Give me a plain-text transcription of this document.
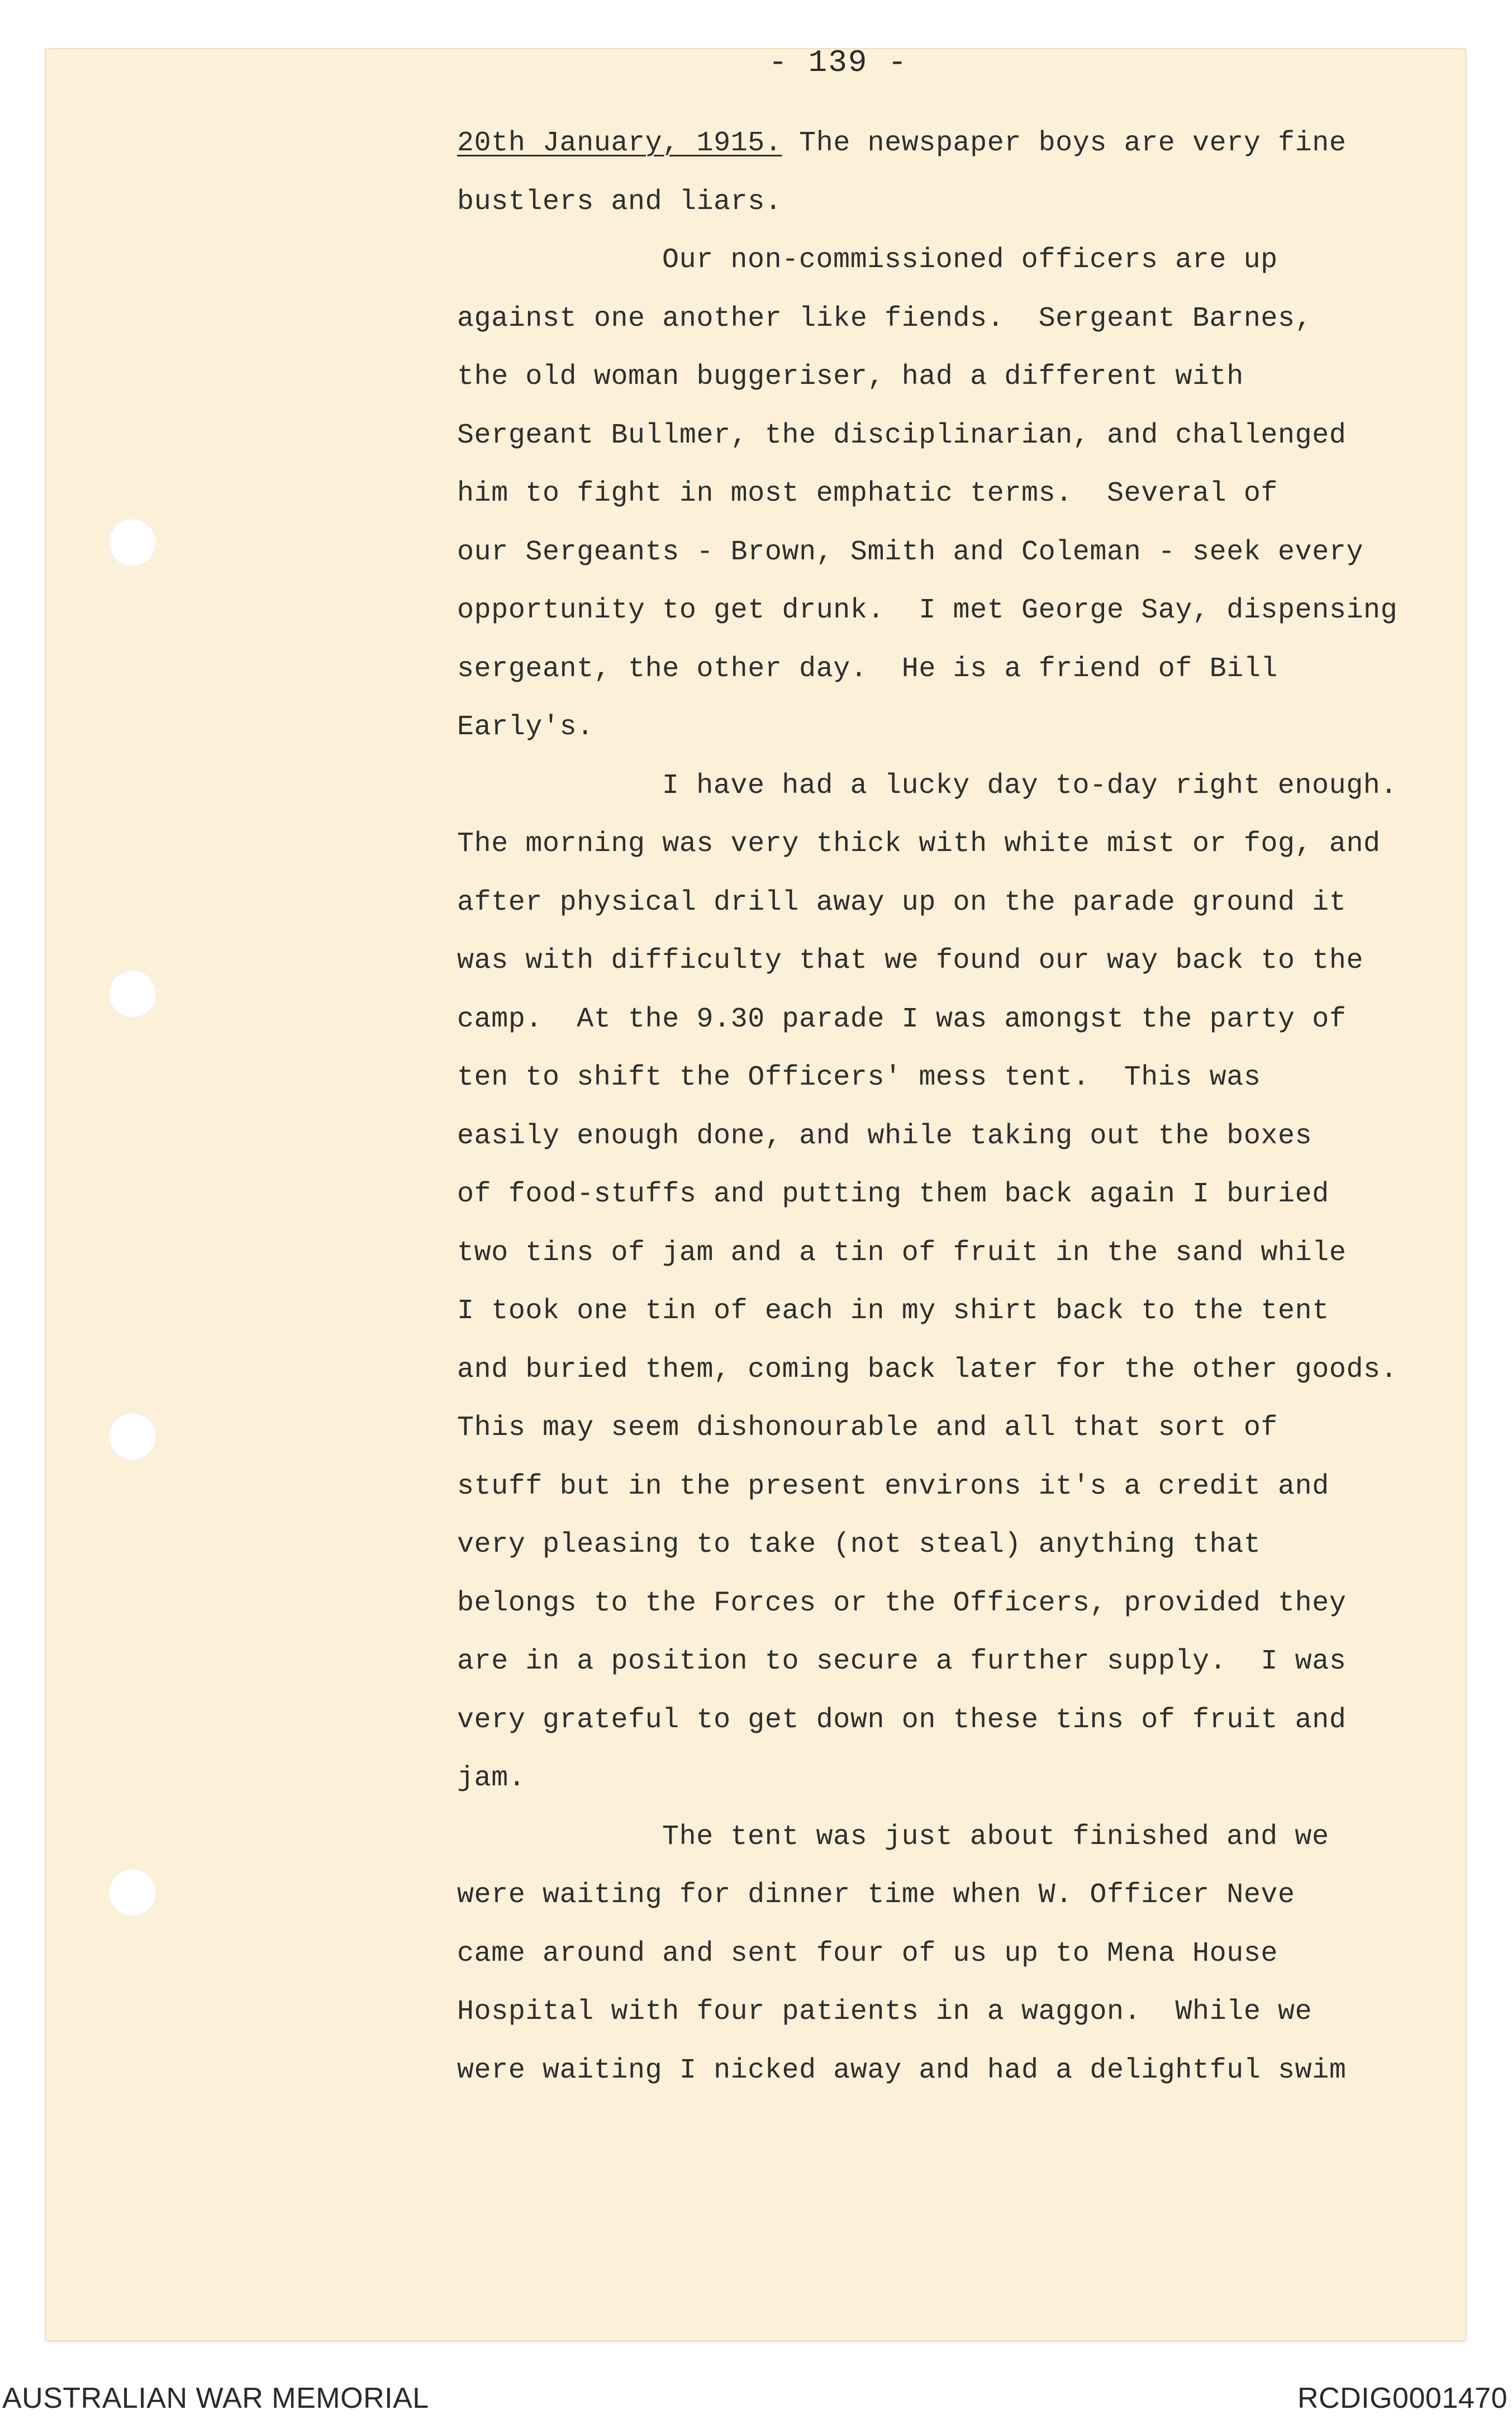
- 139 -
20th January, 1915. The newspaper boys are very fine
bustlers and liars.
Our non-commissioned officers are up
against one another like fiends.  Sergeant Barnes,
the old woman buggeriser, had a different with
Sergeant Bullmer, the disciplinarian, and challenged
him to fight in most emphatic terms.  Several of
our Sergeants - Brown, Smith and Coleman - seek every
opportunity to get drunk.  I met George Say, dispensing
sergeant, the other day.  He is a friend of Bill
Early's.
I have had a lucky day to-day right enough.
The morning was very thick with white mist or fog, and
after physical drill away up on the parade ground it
was with difficulty that we found our way back to the
camp.  At the 9.30 parade I was amongst the party of
ten to shift the Officers' mess tent.  This was
easily enough done, and while taking out the boxes
of food-stuffs and putting them back again I buried
two tins of jam and a tin of fruit in the sand while
I took one tin of each in my shirt back to the tent
and buried them, coming back later for the other goods.
This may seem dishonourable and all that sort of
stuff but in the present environs it's a credit and
very pleasing to take (not steal) anything that
belongs to the Forces or the Officers, provided they
are in a position to secure a further supply.  I was
very grateful to get down on these tins of fruit and
jam.
The tent was just about finished and we
were waiting for dinner time when W. Officer Neve
came around and sent four of us up to Mena House
Hospital with four patients in a waggon.  While we
were waiting I nicked away and had a delightful swim
AUSTRALIAN WAR MEMORIAL	RCDIG0001470
